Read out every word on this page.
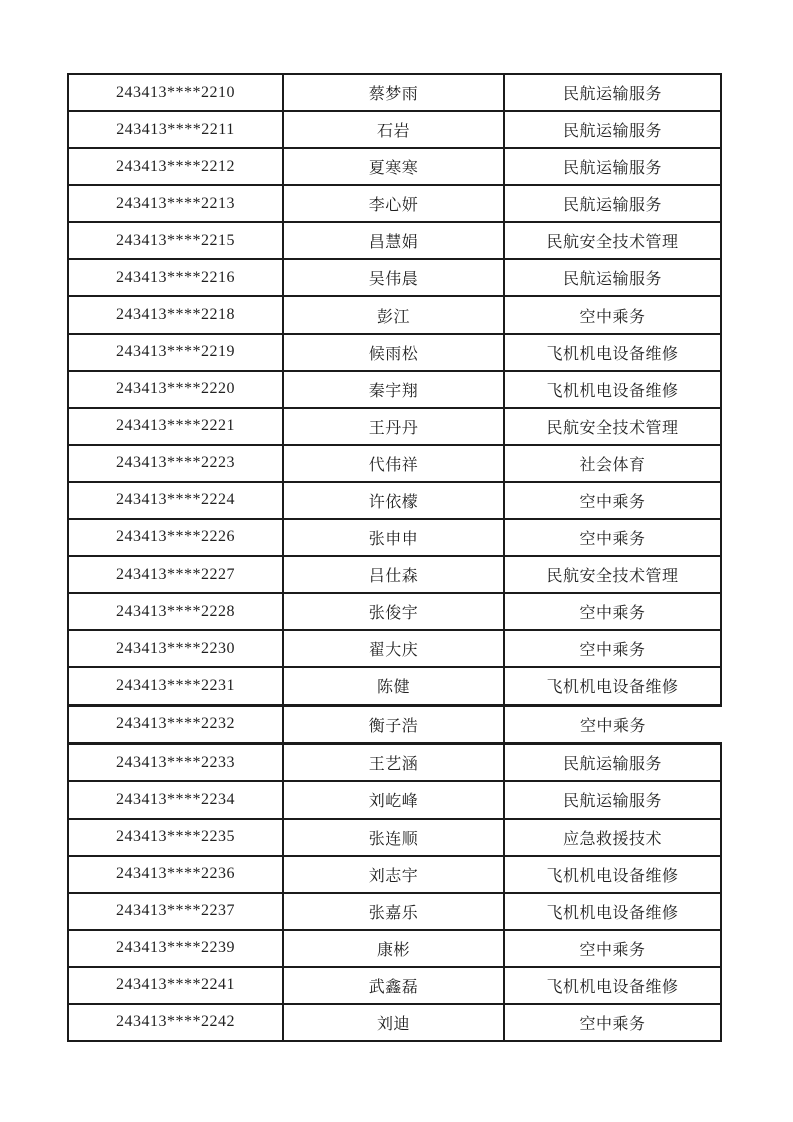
243413****2210	蔡梦雨	民航运输服务
243413****2211	石岩	民航运输服务
243413****2212	夏寒寒	民航运输服务
243413****2213	李心妍	民航运输服务
243413****2215	昌慧娟	民航安全技术管理
243413****2216	吴伟晨	民航运输服务
243413****2218	彭江	空中乘务
243413****2219	候雨松	飞机机电设备维修
243413****2220	秦宇翔	飞机机电设备维修
243413****2221	王丹丹	民航安全技术管理
243413****2223	代伟祥	社会体育
243413****2224	许依檬	空中乘务
243413****2226	张申申	空中乘务
243413****2227	吕仕森	民航安全技术管理
243413****2228	张俊宇	空中乘务
243413****2230	翟大庆	空中乘务
243413****2231	陈健	飞机机电设备维修
243413****2232	衡子浩	空中乘务
243413****2233	王艺涵	民航运输服务
243413****2234	刘屹峰	民航运输服务
243413****2235	张连顺	应急救援技术
243413****2236	刘志宇	飞机机电设备维修
243413****2237	张嘉乐	飞机机电设备维修
243413****2239	康彬	空中乘务
243413****2241	武鑫磊	飞机机电设备维修
243413****2242	刘迪	空中乘务
